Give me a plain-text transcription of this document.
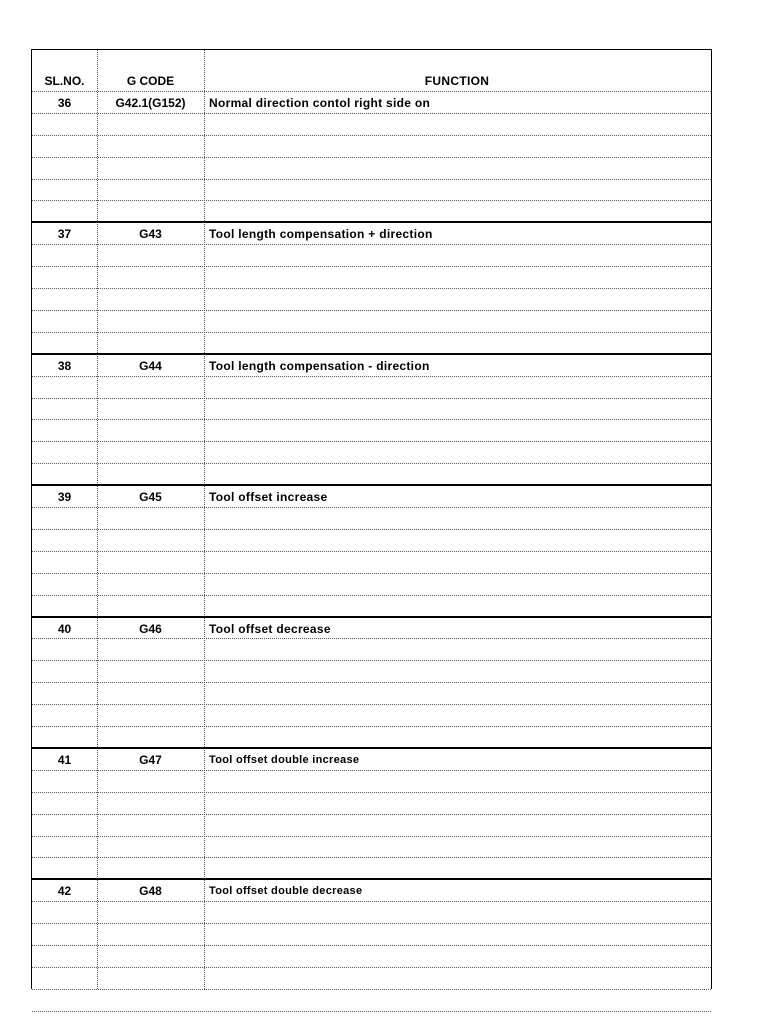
SL.NO.	G CODE	FUNCTION
36	G42.1(G152)	Normal direction contol right side on
37	G43	Tool length compensation + direction
38	G44	Tool length compensation - direction
39	G45	Tool offset increase
40	G46	Tool offset decrease
41	G47	Tool offset double increase
42	G48	Tool offset double decrease
